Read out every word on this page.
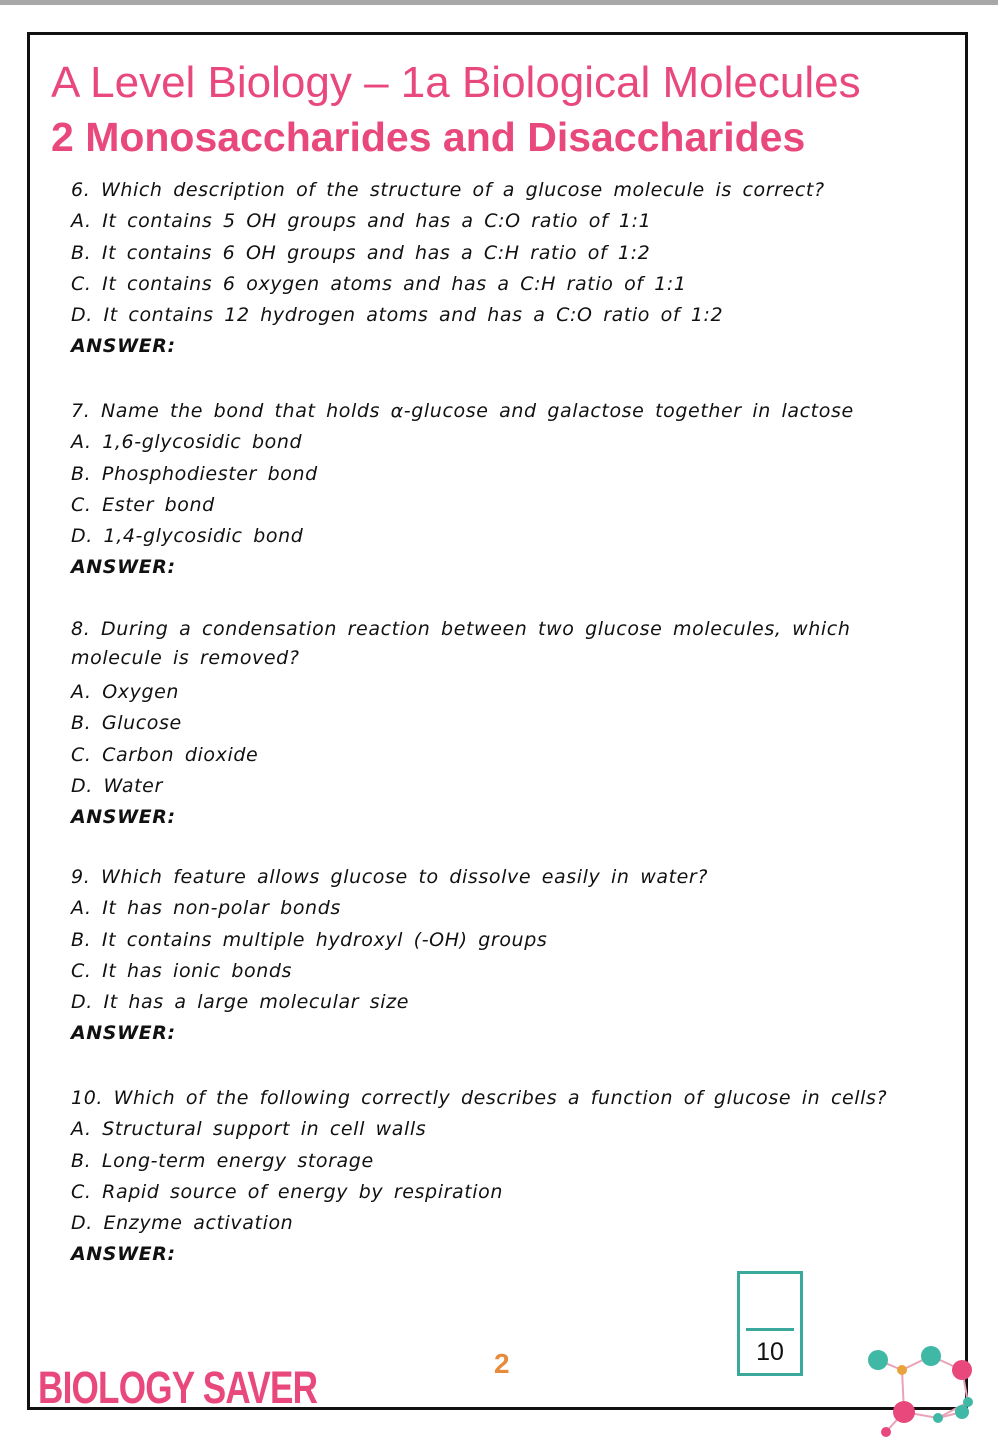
A Level Biology – 1a Biological Molecules
2 Monosaccharides and Disaccharides
6. Which description of the structure of a glucose molecule is correct?
A. It contains 5 OH groups and has a C:O ratio of 1:1
B. It contains 6 OH groups and has a C:H ratio of 1:2
C. It contains 6 oxygen atoms and has a C:H ratio of 1:1
D. It contains 12 hydrogen atoms and has a C:O ratio of 1:2
ANSWER:
7. Name the bond that holds α-glucose and galactose together in lactose
A. 1,6-glycosidic bond
B. Phosphodiester bond
C. Ester bond
D. 1,4-glycosidic bond
ANSWER:
8. During a condensation reaction between two glucose molecules, which molecule is removed?
A. Oxygen
B. Glucose
C. Carbon dioxide
D. Water
ANSWER:
9. Which feature allows glucose to dissolve easily in water?
A. It has non-polar bonds
B. It contains multiple hydroxyl (-OH) groups
C. It has ionic bonds
D. It has a large molecular size
ANSWER:
10. Which of the following correctly describes a function of glucose in cells?
A. Structural support in cell walls
B. Long-term energy storage
C. Rapid source of energy by respiration
D. Enzyme activation
ANSWER:
10
2
BIOLOGY SAVER
